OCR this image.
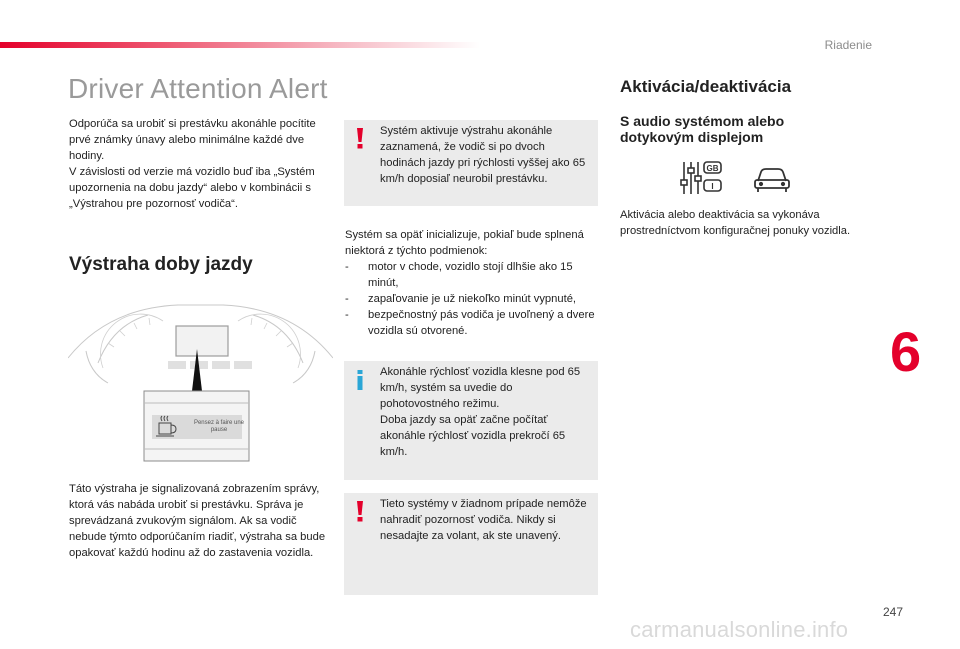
Riadenie
Driver Attention Alert

Odporúča sa urobiť si prestávku akonáhle pocítite prvé známky únavy alebo minimálne každé dve hodiny.

V závislosti od verzie má vozidlo buď iba „Systém upozornenia na dobu jazdy“ alebo v kombinácii s „Výstrahou pre pozornosť vodiča“.

Výstraha doby jazdy
Pensez à faire une pause

Táto výstraha je signalizovaná zobrazením správy, ktorá vás nabáda urobiť si prestávku. Správa je sprevádzaná zvukovým signálom. Ak sa vodič nebude týmto odporúčaním riadiť, výstraha sa bude opakovať každú hodinu až do zastavenia vozidla.

Systém aktivuje výstrahu akonáhle zaznamená, že vodič si po dvoch hodinách jazdy pri rýchlosti vyššej ako 65 km/h doposiaľ neurobil prestávku.

Systém sa opäť inicializuje, pokiaľ bude splnená niektorá z týchto podmienok:

- motor v chode, vozidlo stojí dlhšie ako 15 minút,
- zapaľovanie je už niekoľko minút vypnuté,
- bezpečnostný pás vodiča je uvoľnený a dvere vozidla sú otvorené.

Akonáhle rýchlosť vozidla klesne pod 65 km/h, systém sa uvedie do pohotovostného režimu.

Doba jazdy sa opäť začne počítať akonáhle rýchlosť vozidla prekročí 65 km/h.

Tieto systémy v žiadnom prípade nemôže nahradiť pozornosť vodiča. Nikdy si nesadajte za volant, ak ste unavený.

Aktivácia/deaktivácia
S audio systémom alebo dotykovým displejom
GB
I

Aktivácia alebo deaktivácia sa vykonáva prostredníctvom konfiguračnej ponuky vozidla.

6
247
carmanualsonline.info
